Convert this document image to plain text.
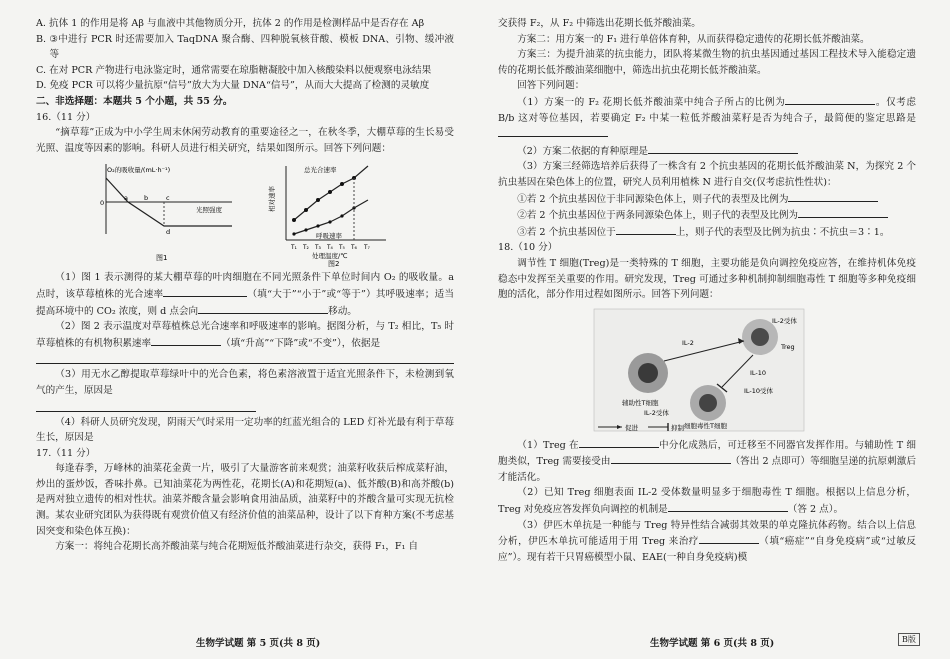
A. 抗体 1 的作用是将 Aβ 与血液中其他物质分开，抗体 2 的作用是检测样品中是否存在 Aβ

B. ③中进行 PCR 时还需要加入 TaqDNA 聚合酶、四种脱氧核苷酸、模板 DNA、引物、缓冲液等

C. 在对 PCR 产物进行电泳鉴定时，通常需要在琼脂糖凝胶中加入核酸染料以便观察电泳结果

D. 免疫 PCR 可以将少量抗原“信号”放大为大量 DNA“信号”，从而大大提高了检测的灵敏度

二、非选择题：本题共 5 个小题，共 55 分。

16.（11 分）

“摘草莓”正成为中小学生周末休闲劳动教育的重要途径之一，在秋冬季，大棚草莓的生长易受光照、温度等因素的影响。科研人员进行相关研究，结果如图所示。回答下列问题：

O₂的吸收量/(mL·h⁻¹)
光照强度
0
a b	c
d
图1
相对速率
总光合速率
呼吸速率
T₁ T₂ T₃ T₄ T₅ T₆ T₇
处理温度/℃
图2

（1）图 1 表示测得的某大棚草莓的叶肉细胞在不同光照条件下单位时间内 O₂ 的吸收量。a 点时，该草莓植株的光合速率	（填“大于”“小于”或“等于”）其呼吸速率；适当提高环境中的 CO₂ 浓度，则 d 点会向	移动。

（2）图 2 表示温度对草莓植株总光合速率和呼吸速率的影响。据图分析，与 T₂ 相比，T₅ 时草莓植株的有机物积累速率	（填“升高”“下降”或“不变”），依据是

（3）用无水乙醇提取草莓绿叶中的光合色素，将色素溶液置于适宜光照条件下，未检测到氧气的产生，原因是

（4）科研人员研究发现，阴雨天气时采用一定功率的红蓝光组合的 LED 灯补光最有利于草莓生长，原因是

17.（11 分）

每逢春季，万峰林的油菜花金黄一片，吸引了大量游客前来观赏；油菜籽收获后榨成菜籽油，炒出的蛋炒饭，香味扑鼻。已知油菜花为两性花，花期长(A)和花期短(a)、低芥酸(B)和高芥酸(b)是两对独立遗传的相对性状。油菜芥酸含量会影响食用油品质，油菜籽中的芥酸含量可实现无抗检测。某农业研究团队为获得既有观赏价值又有经济价值的油菜品种，设计了以下育种方案(不考虑基因突变和染色体互换)：

方案一：将纯合花期长高芥酸油菜与纯合花期短低芥酸油菜进行杂交，获得 F₁，F₁ 自

生物学试题 第 5 页(共 8 页)

交获得 F₂，从 F₂ 中筛选出花期长低芥酸油菜。

方案二：用方案一的 F₁ 进行单倍体育种，从而获得稳定遗传的花期长低芥酸油菜。

方案三：为提升油菜的抗虫能力，团队将某微生物的抗虫基因通过基因工程技术导入能稳定遗传的花期长低芥酸油菜细胞中，筛选出抗虫花期长低芥酸油菜。

回答下列问题：

（1）方案一的 F₂ 花期长低芥酸油菜中纯合子所占的比例为	。仅考虑 B/b 这对等位基因，若要确定 F₂ 中某一粒低芥酸油菜籽是否为纯合子，最简便的鉴定思路是

（2）方案二依据的育种原理是

（3）方案三经筛选培养后获得了一株含有 2 个抗虫基因的花期长低芥酸油菜 N，为探究 2 个抗虫基因在染色体上的位置，研究人员利用植株 N 进行自交(仅考虑抗性性状)：

①若 2 个抗虫基因位于非同源染色体上，则子代的表型及比例为

②若 2 个抗虫基因位于两条同源染色体上，则子代的表型及比例为

③若 2 个抗虫基因位于	上，则子代的表型及比例为抗虫∶不抗虫＝3∶1。

18.（10 分）

调节性 T 细胞(Treg)是一类特殊的 T 细胞，主要功能是负向调控免疫应答，在维持机体免疫稳态中发挥至关重要的作用。研究发现，Treg 可通过多种机制抑制细胞毒性 T 细胞等多种免疫细胞的活化，部分作用过程如图所示。回答下列问题：

辅助性T细胞
IL-2受体
Treg
细胞毒性T细胞
IL-2受体
IL-2
IL-10
IL-10受体
促进	抑制

（1）Treg 在	中分化成熟后，可迁移至不同器官发挥作用。与辅助性 T 细胞类似，Treg 需要接受由	（答出 2 点即可）等细胞呈递的抗原刺激后才能活化。

（2）已知 Treg 细胞表面 IL-2 受体数量明显多于细胞毒性 T 细胞。根据以上信息分析，Treg 对免疫应答发挥负向调控的机制是	（答 2 点）。

（3）伊匹木单抗是一种能与 Treg 特异性结合减弱其效果的单克隆抗体药物。结合以上信息分析，伊匹木单抗可能适用于用 Treg 来治疗	（填“癌症”“自身免疫病”或“过敏反应”）。现有若干只胃癌模型小鼠、EAE(一种自身免疫病)模

生物学试题 第 6 页(共 8 页)	B版
